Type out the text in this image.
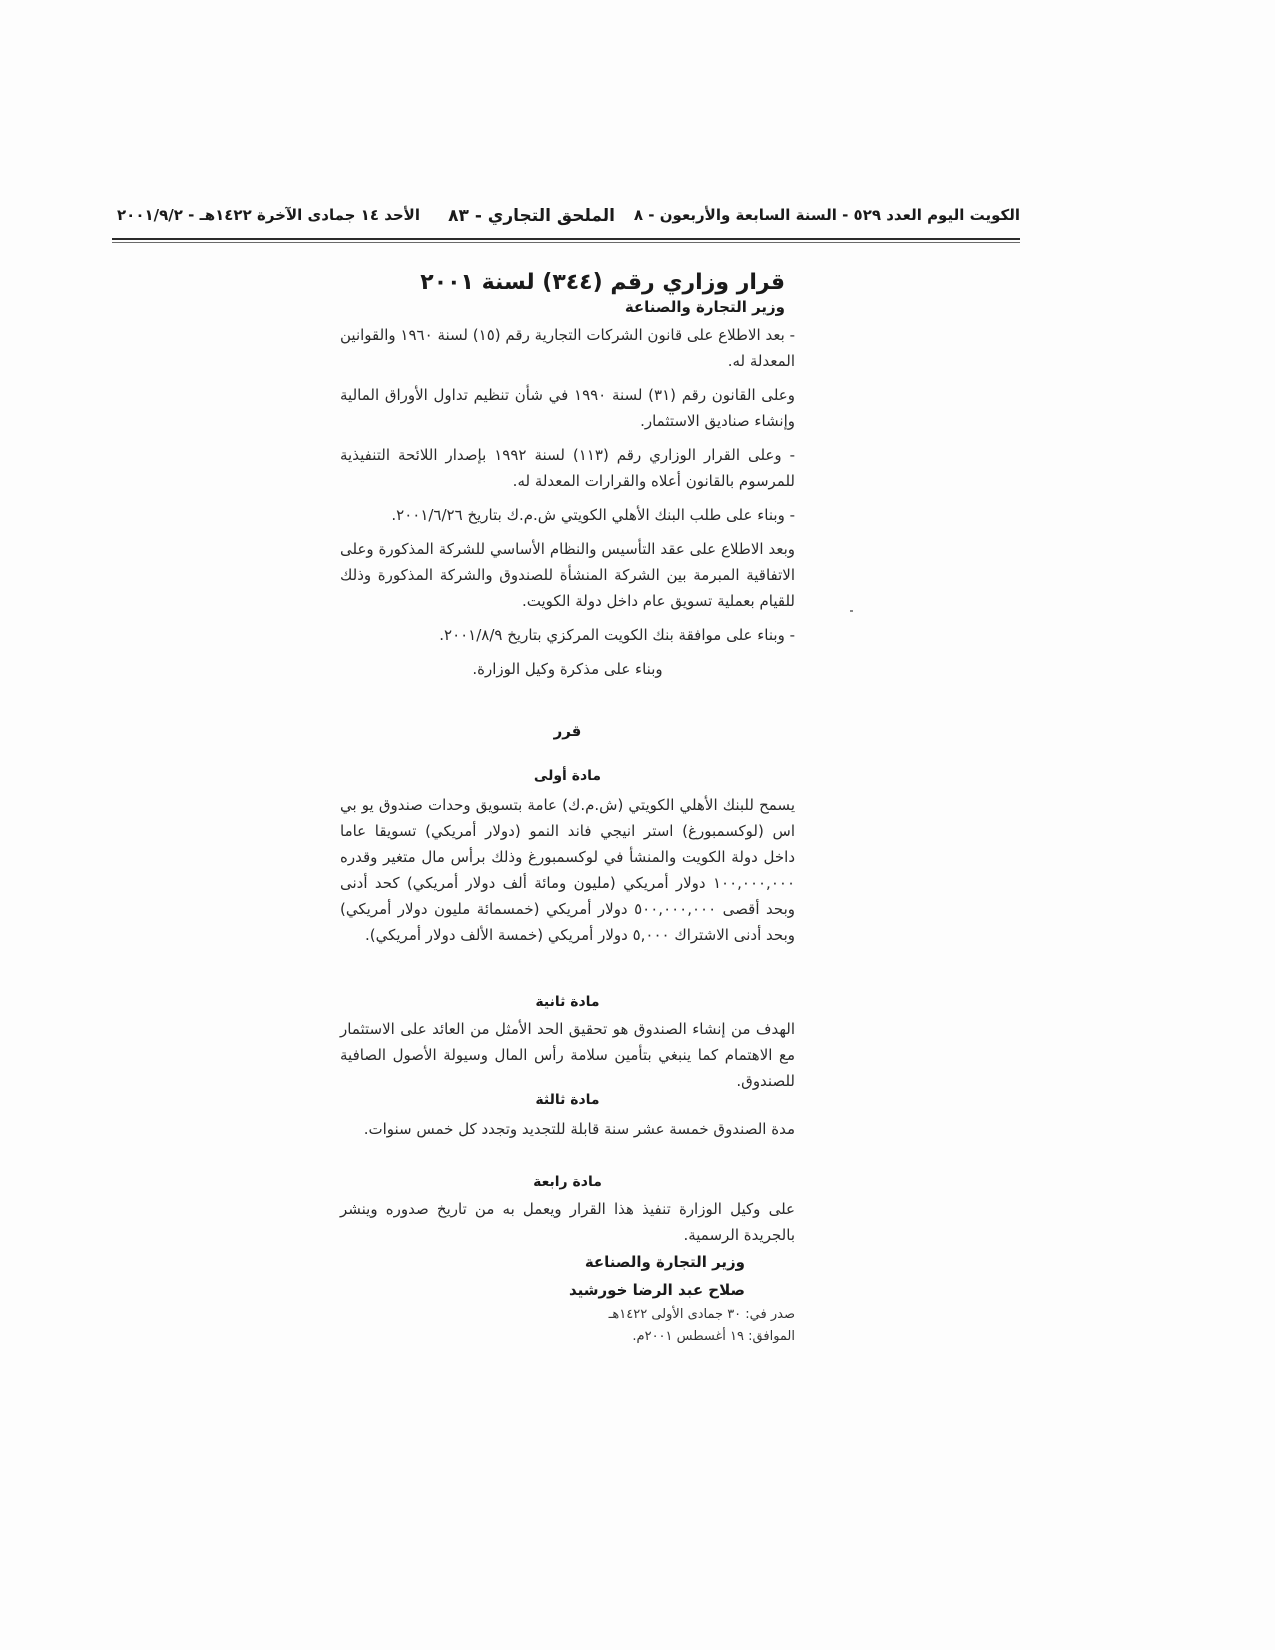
الكويت اليوم العدد ٥٢٩ - السنة السابعة والأربعون - ٨
الملحق التجاري - ٨٣
الأحد ١٤ جمادى الآخرة ١٤٢٢هـ - ٢٠٠١/٩/٢
قرار وزاري رقم (٣٤٤) لسنة ٢٠٠١
وزير التجارة والصناعة

- بعد الاطلاع على قانون الشركات التجارية رقم (١٥) لسنة ١٩٦٠ والقوانين المعدلة له.

وعلى القانون رقم (٣١) لسنة ١٩٩٠ في شأن تنظيم تداول الأوراق المالية وإنشاء صناديق الاستثمار.

- وعلى القرار الوزاري رقم (١١٣) لسنة ١٩٩٢ بإصدار اللائحة التنفيذية للمرسوم بالقانون أعلاه والقرارات المعدلة له.

- وبناء على طلب البنك الأهلي الكويتي ش.م.ك بتاريخ ٢٠٠١/٦/٢٦.

وبعد الاطلاع على عقد التأسيس والنظام الأساسي للشركة المذكورة وعلى الاتفاقية المبرمة بين الشركة المنشأة للصندوق والشركة المذكورة وذلك للقيام بعملية تسويق عام داخل دولة الكويت.

- وبناء على موافقة بنك الكويت المركزي بتاريخ ٢٠٠١/٨/٩.

وبناء على مذكرة وكيل الوزارة.

قرر
مادة أولى
يسمح للبنك الأهلي الكويتي (ش.م.ك) عامة بتسويق وحدات صندوق يو بي اس (لوكسمبورغ) استر انيجي فاند النمو (دولار أمريكي) تسويقا عاما داخل دولة الكويت والمنشأ في لوكسمبورغ وذلك برأس مال متغير وقدره ١٠٠,٠٠٠,٠٠٠ دولار أمريكي (مليون ومائة ألف دولار أمريكي) كحد أدنى وبحد أقصى ٥٠٠,٠٠٠,٠٠٠ دولار أمريكي (خمسمائة مليون دولار أمريكي) وبحد أدنى الاشتراك ٥,٠٠٠ دولار أمريكي (خمسة الألف دولار أمريكي).
مادة ثانية
الهدف من إنشاء الصندوق هو تحقيق الحد الأمثل من العائد على الاستثمار مع الاهتمام كما ينبغي بتأمين سلامة رأس المال وسيولة الأصول الصافية للصندوق.
مادة ثالثة
مدة الصندوق خمسة عشر سنة قابلة للتجديد وتجدد كل خمس سنوات.
مادة رابعة
على وكيل الوزارة تنفيذ هذا القرار ويعمل به من تاريخ صدوره وينشر بالجريدة الرسمية.
وزير التجارة والصناعة
صلاح عبد الرضا خورشيد
صدر في: ٣٠ جمادى الأولى ١٤٢٢هـ
الموافق: ١٩ أغسطس ٢٠٠١م.
